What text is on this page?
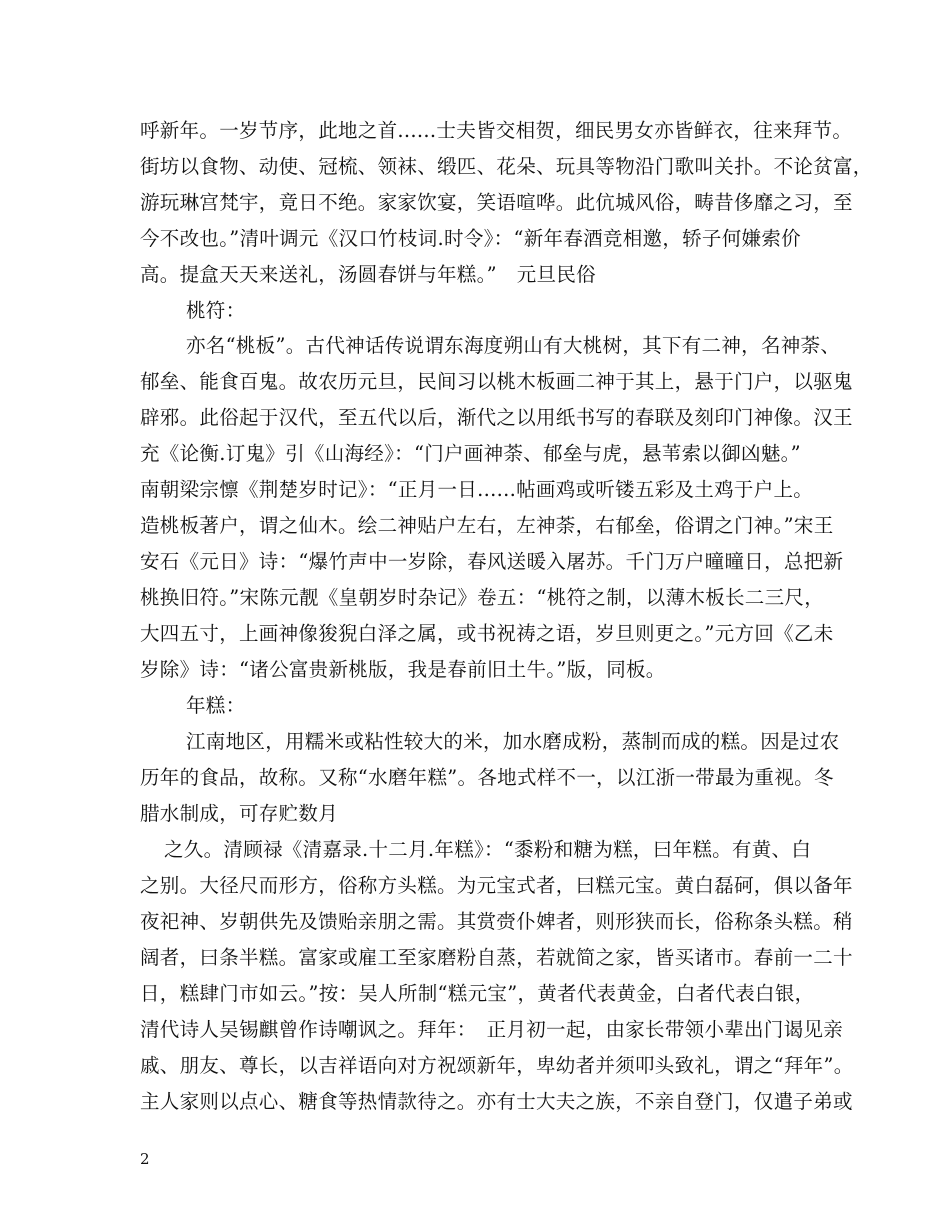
呼新年。一岁节序，此地之首......士夫皆交相贺，细民男女亦皆鲜衣，往来拜节。
街坊以食物、动使、冠梳、领袜、缎匹、花朵、玩具等物沿门歌叫关扑。不论贫富，
游玩琳宫梵宇，竟日不绝。家家饮宴，笑语喧哗。此伉城风俗，畴昔侈靡之习，至
今不改也。”清叶调元《汉口竹枝词.时令》：“新年春酒竞相邀，轿子何嫌索价
高。提盒天天来送礼，汤圆春饼与年糕。”　元旦民俗
桃符：
亦名“桃板”。古代神话传说谓东海度朔山有大桃树，其下有二神，名神荼、
郁垒、能食百鬼。故农历元旦，民间习以桃木板画二神于其上，悬于门户，以驱鬼
辟邪。此俗起于汉代，至五代以后，渐代之以用纸书写的春联及刻印门神像。汉王
充《论衡.订鬼》引《山海经》：“门户画神荼、郁垒与虎，悬苇索以御凶魅。”
南朝梁宗懔《荆楚岁时记》：“正月一日......帖画鸡或听镂五彩及土鸡于户上。
造桃板著户，谓之仙木。绘二神贴户左右，左神荼，右郁垒，俗谓之门神。”宋王
安石《元日》诗：“爆竹声中一岁除，春风送暖入屠苏。千门万户曈曈日，总把新
桃换旧符。”宋陈元靓《皇朝岁时杂记》卷五：“桃符之制，以薄木板长二三尺，
大四五寸，上画神像狻猊白泽之属，或书祝祷之语，岁旦则更之。”元方回《乙未
岁除》诗：“诸公富贵新桃版，我是春前旧土牛。”版，同板。
年糕：
江南地区，用糯米或粘性较大的米，加水磨成粉，蒸制而成的糕。因是过农
历年的食品，故称。又称“水磨年糕”。各地式样不一，以江浙一带最为重视。冬
腊水制成，可存贮数月
之久。清顾禄《清嘉录.十二月.年糕》：“黍粉和糖为糕，曰年糕。有黄、白
之别。大径尺而形方，俗称方头糕。为元宝式者，曰糕元宝。黄白磊砢，俱以备年
夜祀神、岁朝供先及馈贻亲朋之需。其赏赍仆婢者，则形狭而长，俗称条头糕。稍
阔者，曰条半糕。富家或雇工至家磨粉自蒸，若就简之家，皆买诸市。春前一二十
日，糕肆门市如云。”按：吴人所制“糕元宝”，黄者代表黄金，白者代表白银，
清代诗人吴锡麒曾作诗嘲讽之。拜年：　正月初一起，由家长带领小辈出门谒见亲
戚、朋友、尊长，以吉祥语向对方祝颂新年，卑幼者并须叩头致礼，谓之“拜年”。
主人家则以点心、糖食等热情款待之。亦有士大夫之族，不亲自登门，仅遣子弟或
2
